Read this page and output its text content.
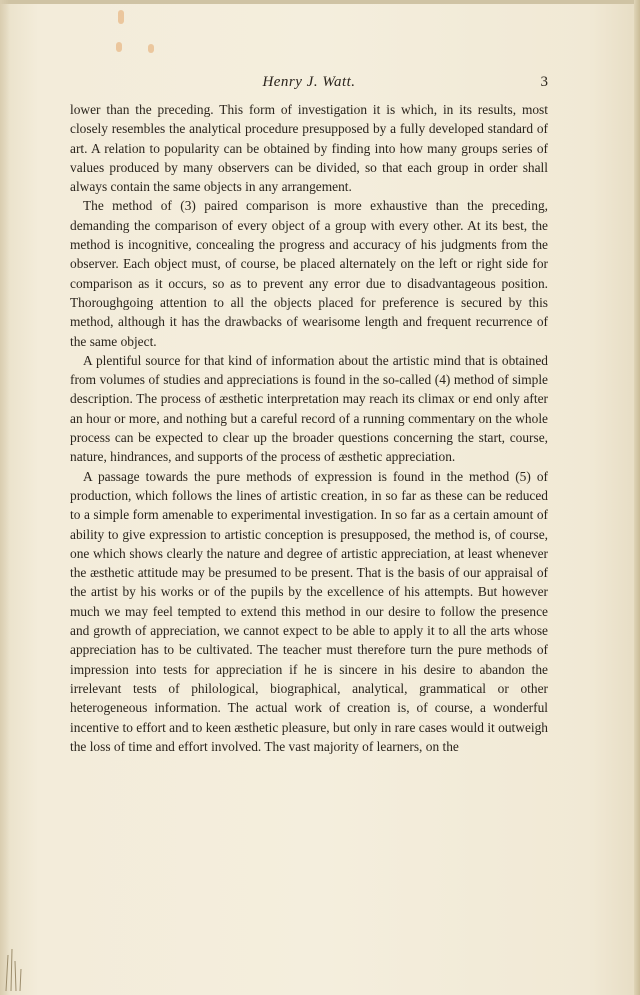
Henry J. Watt.	3

lower than the preceding. This form of investigation it is which, in its results, most closely resembles the analytical procedure presupposed by a fully developed standard of art. A relation to popularity can be obtained by finding into how many groups series of values produced by many observers can be divided, so that each group in order shall always contain the same objects in any arrangement.

The method of (3) paired comparison is more exhaustive than the preceding, demanding the comparison of every object of a group with every other. At its best, the method is incognitive, concealing the progress and accuracy of his judgments from the observer. Each object must, of course, be placed alternately on the left or right side for comparison as it occurs, so as to prevent any error due to disadvantageous position. Thoroughgoing attention to all the objects placed for preference is secured by this method, although it has the drawbacks of wearisome length and frequent recurrence of the same object.

A plentiful source for that kind of information about the artistic mind that is obtained from volumes of studies and appreciations is found in the so-called (4) method of simple description. The process of æsthetic interpretation may reach its climax or end only after an hour or more, and nothing but a careful record of a running commentary on the whole process can be expected to clear up the broader questions concerning the start, course, nature, hindrances, and supports of the process of æsthetic appreciation.

A passage towards the pure methods of expression is found in the method (5) of production, which follows the lines of artistic creation, in so far as these can be reduced to a simple form amenable to experimental investigation. In so far as a certain amount of ability to give expression to artistic conception is presupposed, the method is, of course, one which shows clearly the nature and degree of artistic appreciation, at least whenever the æsthetic attitude may be presumed to be present. That is the basis of our appraisal of the artist by his works or of the pupils by the excellence of his attempts. But however much we may feel tempted to extend this method in our desire to follow the presence and growth of appreciation, we cannot expect to be able to apply it to all the arts whose appreciation has to be cultivated. The teacher must therefore turn the pure methods of impression into tests for appreciation if he is sincere in his desire to abandon the irrelevant tests of philological, biographical, analytical, grammatical or other heterogeneous information. The actual work of creation is, of course, a wonderful incentive to effort and to keen æsthetic pleasure, but only in rare cases would it outweigh the loss of time and effort involved. The vast majority of learners, on the
